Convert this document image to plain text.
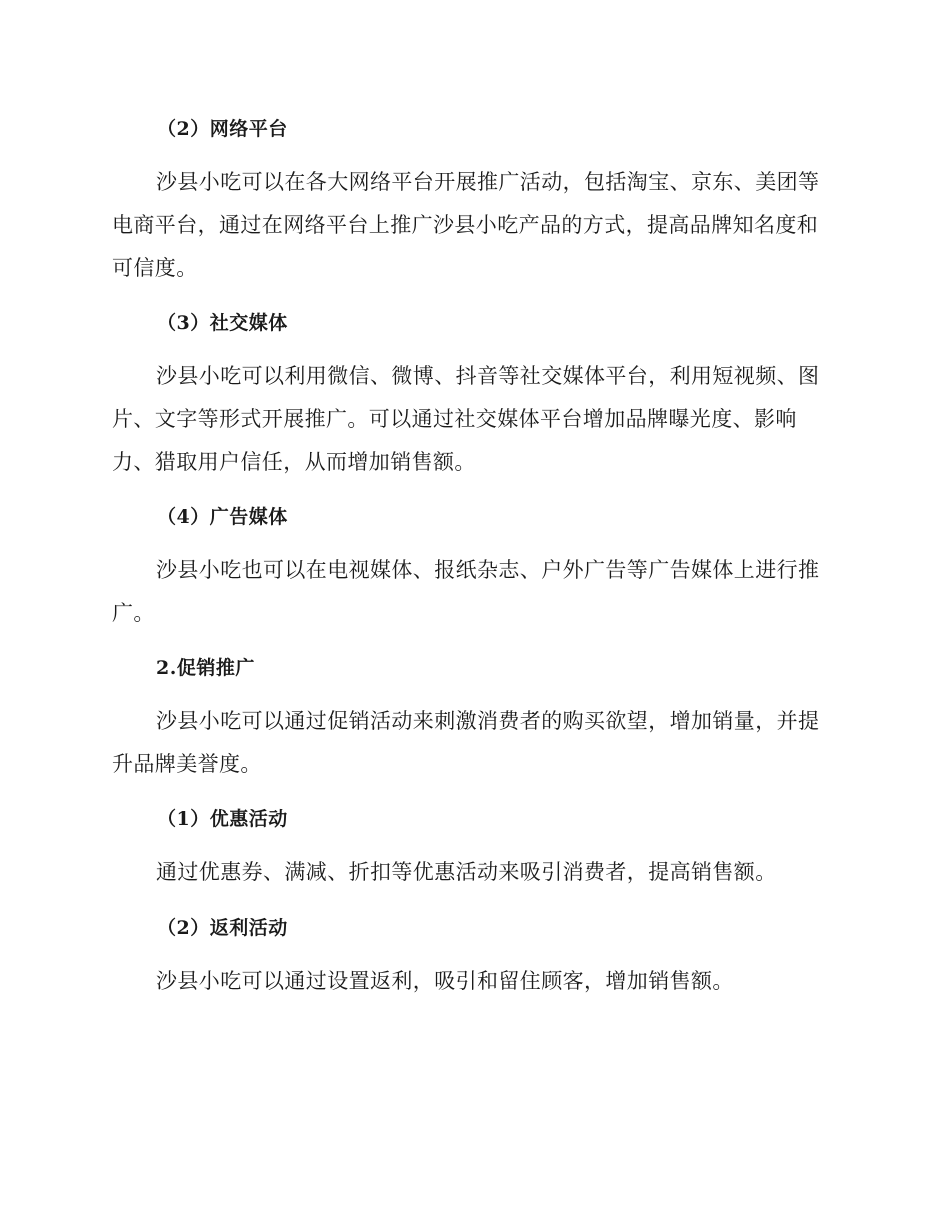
（2）网络平台
沙县小吃可以在各大网络平台开展推广活动，包括淘宝、京东、美团等
电商平台，通过在网络平台上推广沙县小吃产品的方式，提高品牌知名度和
可信度。
（3）社交媒体
沙县小吃可以利用微信、微博、抖音等社交媒体平台，利用短视频、图
片、文字等形式开展推广。可以通过社交媒体平台增加品牌曝光度、影响
力、猎取用户信任，从而增加销售额。
（4）广告媒体
沙县小吃也可以在电视媒体、报纸杂志、户外广告等广告媒体上进行推
广。
2.促销推广
沙县小吃可以通过促销活动来刺激消费者的购买欲望，增加销量，并提
升品牌美誉度。
（1）优惠活动
通过优惠券、满减、折扣等优惠活动来吸引消费者，提高销售额。
（2）返利活动
沙县小吃可以通过设置返利，吸引和留住顾客，增加销售额。
